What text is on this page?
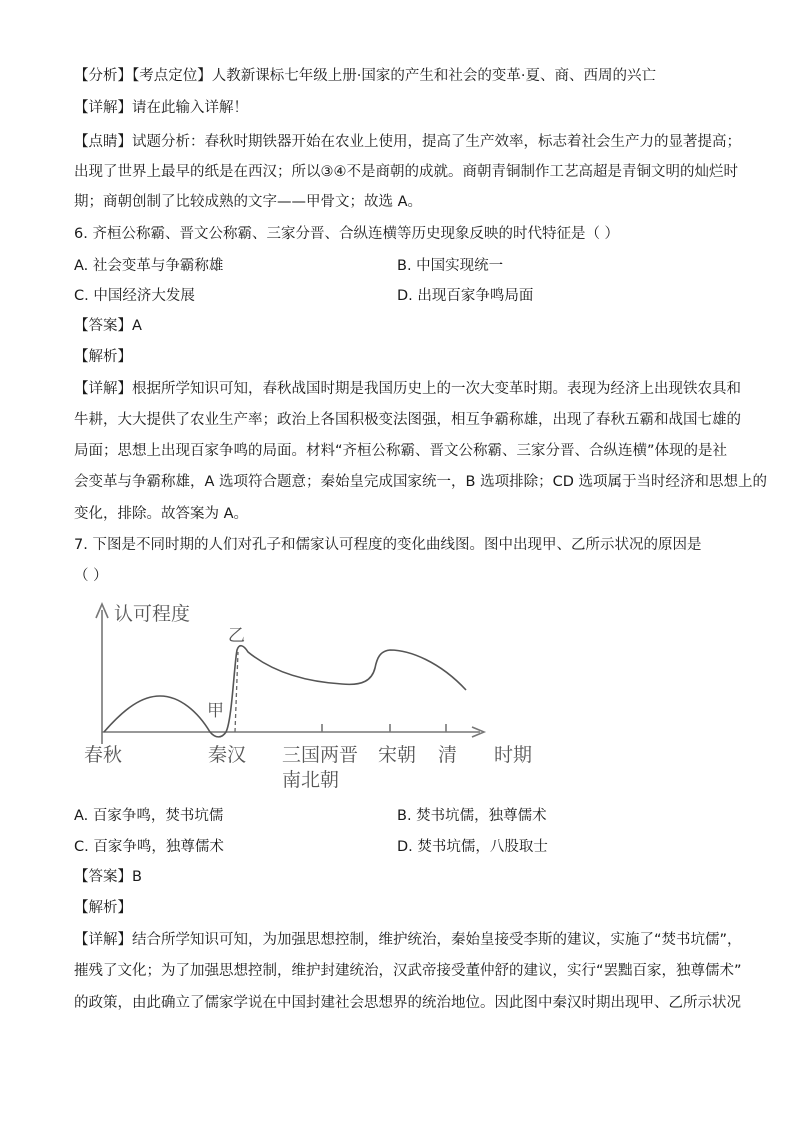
【分析】【考点定位】人教新课标七年级上册·国家的产生和社会的变革·夏、商、西周的兴亡
【详解】请在此输入详解！
【点睛】试题分析：春秋时期铁器开始在农业上使用，提高了生产效率，标志着社会生产力的显著提高；
出现了世界上最早的纸是在西汉；所以③④不是商朝的成就。商朝青铜制作工艺高超是青铜文明的灿烂时
期；商朝创制了比较成熟的文字——甲骨文；故选 A。
6. 齐桓公称霸、晋文公称霸、三家分晋、合纵连横等历史现象反映的时代特征是（ ）
A. 社会变革与争霸称雄	B. 中国实现统一
C. 中国经济大发展	D. 出现百家争鸣局面
【答案】A
【解析】
【详解】根据所学知识可知，春秋战国时期是我国历史上的一次大变革时期。表现为经济上出现铁农具和
牛耕，大大提供了农业生产率；政治上各国积极变法图强，相互争霸称雄，出现了春秋五霸和战国七雄的
局面；思想上出现百家争鸣的局面。材料“齐桓公称霸、晋文公称霸、三家分晋、合纵连横”体现的是社
会变革与争霸称雄，A 选项符合题意；秦始皇完成国家统一，B 选项排除；CD 选项属于当时经济和思想上的
变化，排除。故答案为 A。
7. 下图是不同时期的人们对孔子和儒家认可程度的变化曲线图。图中出现甲、乙所示状况的原因是
（ ）
认可程度
甲
乙
春秋	秦汉 三国两晋
南北朝
宋朝 清 时期
A. 百家争鸣，焚书坑儒	B. 焚书坑儒，独尊儒术
C. 百家争鸣，独尊儒术	D. 焚书坑儒，八股取士
【答案】B
【解析】
【详解】结合所学知识可知，为加强思想控制，维护统治，秦始皇接受李斯的建议，实施了“焚书坑儒”，
摧残了文化；为了加强思想控制，维护封建统治，汉武帝接受董仲舒的建议，实行“罢黜百家，独尊儒术”
的政策，由此确立了儒家学说在中国封建社会思想界的统治地位。因此图中秦汉时期出现甲、乙所示状况
